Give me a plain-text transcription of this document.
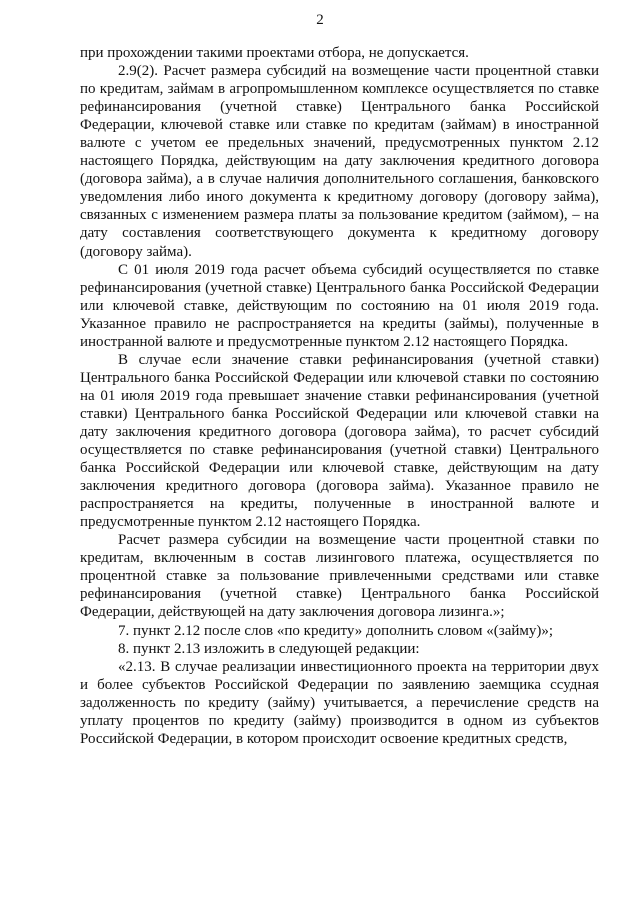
2

при прохождении такими проектами отбора, не допускается.

2.9(2). Расчет размера субсидий на возмещение части процентной ставки по кредитам, займам в агропромышленном комплексе осуществляется по ставке рефинансирования (учетной ставке) Центрального банка Российской Федерации, ключевой ставке или ставке по кредитам (займам) в иностранной валюте с учетом ее предельных значений, предусмотренных пунктом 2.12 настоящего Порядка, действующим на дату заключения кредитного договора (договора займа), а в случае наличия дополнительного соглашения, банковского уведомления либо иного документа к кредитному договору (договору займа), связанных с изменением размера платы за пользование кредитом (займом), – на дату составления соответствующего документа к кредитному договору (договору займа).

С 01 июля 2019 года расчет объема субсидий осуществляется по ставке рефинансирования (учетной ставке) Центрального банка Российской Федерации или ключевой ставке, действующим по состоянию на 01 июля 2019 года. Указанное правило не распространяется на кредиты (займы), полученные в иностранной валюте и предусмотренные пунктом 2.12 настоящего Порядка.

В случае если значение ставки рефинансирования (учетной ставки) Центрального банка Российской Федерации или ключевой ставки по состоянию на 01 июля 2019 года превышает значение ставки рефинансирования (учетной ставки) Центрального банка Российской Федерации или ключевой ставки на дату заключения кредитного договора (договора займа), то расчет субсидий осуществляется по ставке рефинансирования (учетной ставки) Центрального банка Российской Федерации или ключевой ставке, действующим на дату заключения кредитного договора (договора займа). Указанное правило не распространяется на кредиты, полученные в иностранной валюте и предусмотренные пунктом 2.12 настоящего Порядка.

Расчет размера субсидии на возмещение части процентной ставки по кредитам, включенным в состав лизингового платежа, осуществляется по процентной ставке за пользование привлеченными средствами или ставке рефинансирования (учетной ставке) Центрального банка Российской Федерации, действующей на дату заключения договора лизинга.»;

7. пункт 2.12 после слов «по кредиту» дополнить словом «(займу)»;

8. пункт 2.13 изложить в следующей редакции:

«2.13. В случае реализации инвестиционного проекта на территории двух и более субъектов Российской Федерации по заявлению заемщика ссудная задолженность по кредиту (займу) учитывается, а перечисление средств на уплату процентов по кредиту (займу) производится в одном из субъектов Российской Федерации, в котором происходит освоение кредитных средств,
